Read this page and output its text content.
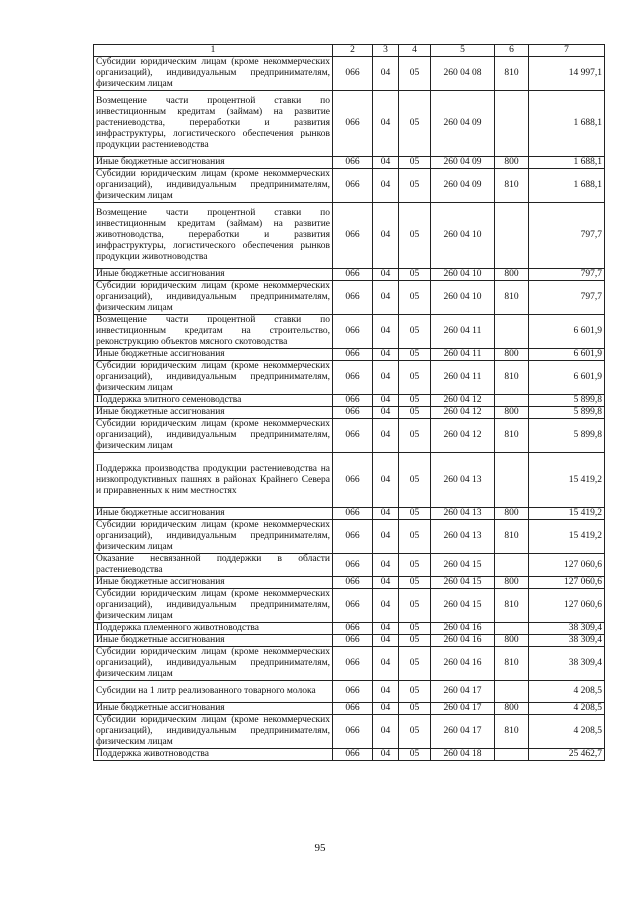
1	2	3	4	5	6	7
Субсидии юридическим лицам (кроме некоммерческих организаций), индивидуальным предпринимателям, физическим лицам	066	04	05	260 04 08	810	14 997,1
Возмещение части процентной ставки по инвестиционным кредитам (займам) на развитие растениеводства, переработки и развития инфраструктуры, логистического обеспечения рынков продукции растениеводства	066	04	05	260 04 09		1 688,1
Иные бюджетные ассигнования	066	04	05	260 04 09	800	1 688,1
Субсидии юридическим лицам (кроме некоммерческих организаций), индивидуальным предпринимателям, физическим лицам	066	04	05	260 04 09	810	1 688,1
Возмещение части процентной ставки по инвестиционным кредитам (займам) на развитие животноводства, переработки и развития инфраструктуры, логистического обеспечения рынков продукции животноводства	066	04	05	260 04 10		797,7
Иные бюджетные ассигнования	066	04	05	260 04 10	800	797,7
Субсидии юридическим лицам (кроме некоммерческих организаций), индивидуальным предпринимателям, физическим лицам	066	04	05	260 04 10	810	797,7
Возмещение части процентной ставки по инвестиционным кредитам на строительство, реконструкцию объектов мясного скотоводства	066	04	05	260 04 11		6 601,9
Иные бюджетные ассигнования	066	04	05	260 04 11	800	6 601,9
Субсидии юридическим лицам (кроме некоммерческих организаций), индивидуальным предпринимателям, физическим лицам	066	04	05	260 04 11	810	6 601,9
Поддержка элитного семеноводства	066	04	05	260 04 12		5 899,8
Иные бюджетные ассигнования	066	04	05	260 04 12	800	5 899,8
Субсидии юридическим лицам (кроме некоммерческих организаций), индивидуальным предпринимателям, физическим лицам	066	04	05	260 04 12	810	5 899,8
Поддержка производства продукции растениеводства на низкопродуктивных пашнях в районах Крайнего Севера и приравненных к ним местностях	066	04	05	260 04 13		15 419,2
Иные бюджетные ассигнования	066	04	05	260 04 13	800	15 419,2
Субсидии юридическим лицам (кроме некоммерческих организаций), индивидуальным предпринимателям, физическим лицам	066	04	05	260 04 13	810	15 419,2
Оказание несвязанной поддержки в области растениеводства	066	04	05	260 04 15		127 060,6
Иные бюджетные ассигнования	066	04	05	260 04 15	800	127 060,6
Субсидии юридическим лицам (кроме некоммерческих организаций), индивидуальным предпринимателям, физическим лицам	066	04	05	260 04 15	810	127 060,6
Поддержка племенного животноводства	066	04	05	260 04 16		38 309,4
Иные бюджетные ассигнования	066	04	05	260 04 16	800	38 309,4
Субсидии юридическим лицам (кроме некоммерческих организаций), индивидуальным предпринимателям, физическим лицам	066	04	05	260 04 16	810	38 309,4
Субсидии на 1 литр реализованного товарного молока	066	04	05	260 04 17		4 208,5
Иные бюджетные ассигнования	066	04	05	260 04 17	800	4 208,5
Субсидии юридическим лицам (кроме некоммерческих организаций), индивидуальным предпринимателям, физическим лицам	066	04	05	260 04 17	810	4 208,5
Поддержка животноводства	066	04	05	260 04 18		25 462,7
95
